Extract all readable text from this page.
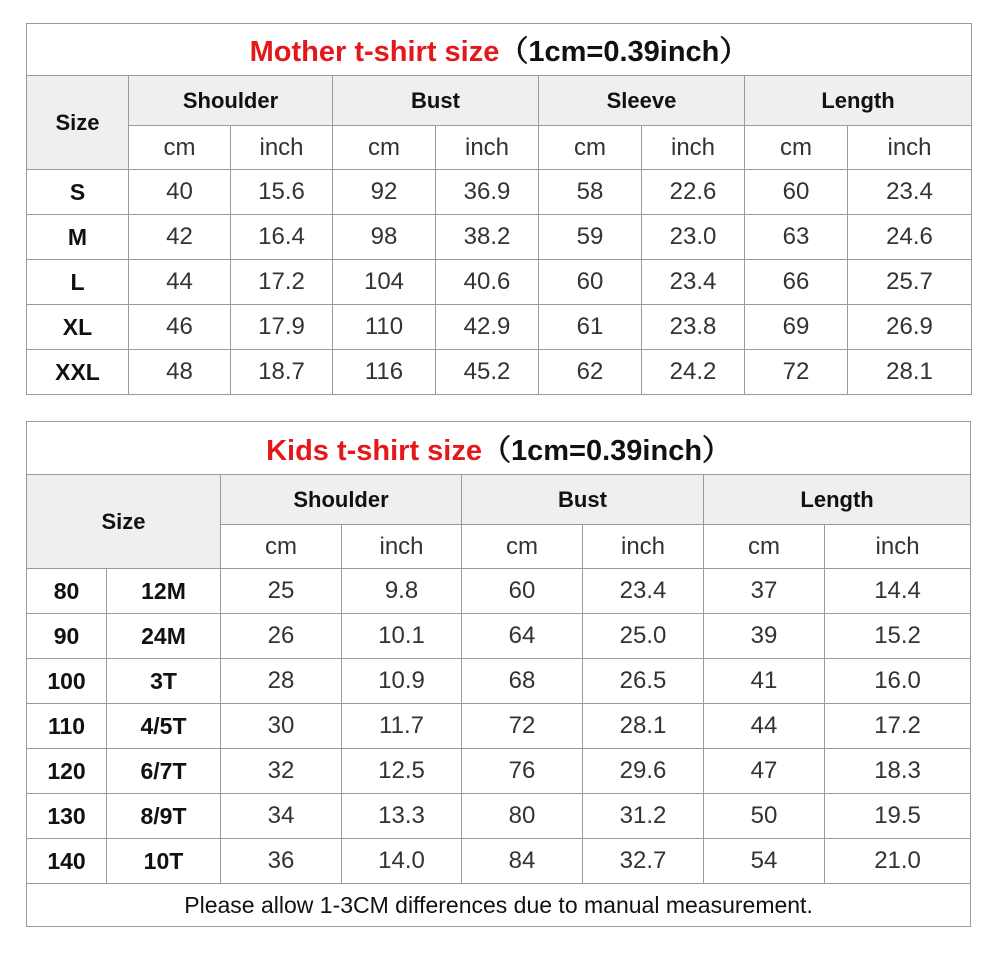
Mother t-shirt size（1cm=0.39inch）								
Size	Shoulder		Bust		Sleeve		Length	
	cm	inch	cm	inch	cm	inch	cm	inch
S	40	15.6	92	36.9	58	22.6	60	23.4
M	42	16.4	98	38.2	59	23.0	63	24.6
L	44	17.2	104	40.6	60	23.4	66	25.7
XL	46	17.9	110	42.9	61	23.8	69	26.9
XXL	48	18.7	116	45.2	62	24.2	72	28.1
Kids t-shirt size（1cm=0.39inch）							
Size		Shoulder		Bust		Length	
		cm	inch	cm	inch	cm	inch
80	12M	25	9.8	60	23.4	37	14.4
90	24M	26	10.1	64	25.0	39	15.2
100	3T	28	10.9	68	26.5	41	16.0
110	4/5T	30	11.7	72	28.1	44	17.2
120	6/7T	32	12.5	76	29.6	47	18.3
130	8/9T	34	13.3	80	31.2	50	19.5
140	10T	36	14.0	84	32.7	54	21.0
Please allow 1-3CM differences due to manual measurement.							
